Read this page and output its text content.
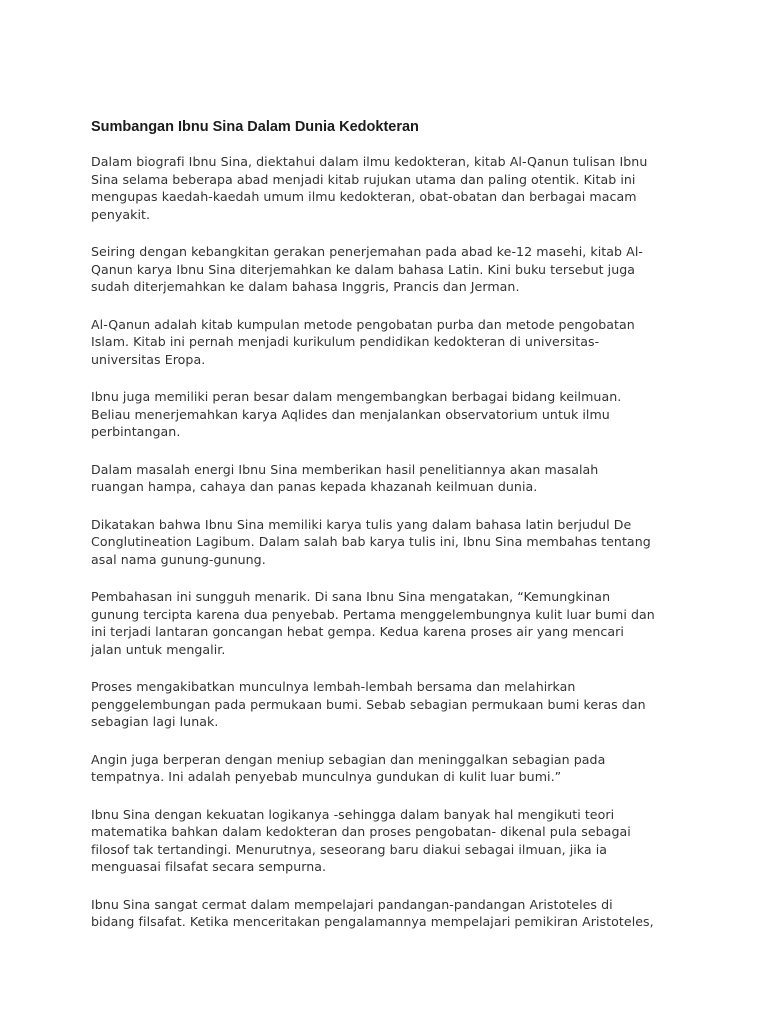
Sumbangan Ibnu Sina Dalam Dunia Kedokteran

Dalam biografi Ibnu Sina, diektahui dalam ilmu kedokteran, kitab Al-Qanun tulisan Ibnu
Sina selama beberapa abad menjadi kitab rujukan utama dan paling otentik. Kitab ini
mengupas kaedah-kaedah umum ilmu kedokteran, obat-obatan dan berbagai macam
penyakit.

Seiring dengan kebangkitan gerakan penerjemahan pada abad ke-12 masehi, kitab Al-
Qanun karya Ibnu Sina diterjemahkan ke dalam bahasa Latin. Kini buku tersebut juga
sudah diterjemahkan ke dalam bahasa Inggris, Prancis dan Jerman.

Al-Qanun adalah kitab kumpulan metode pengobatan purba dan metode pengobatan
Islam. Kitab ini pernah menjadi kurikulum pendidikan kedokteran di universitas-
universitas Eropa.

Ibnu juga memiliki peran besar dalam mengembangkan berbagai bidang keilmuan.
Beliau menerjemahkan karya Aqlides dan menjalankan observatorium untuk ilmu
perbintangan.

Dalam masalah energi Ibnu Sina memberikan hasil penelitiannya akan masalah
ruangan hampa, cahaya dan panas kepada khazanah keilmuan dunia.

Dikatakan bahwa Ibnu Sina memiliki karya tulis yang dalam bahasa latin berjudul De
Conglutineation Lagibum. Dalam salah bab karya tulis ini, Ibnu Sina membahas tentang
asal nama gunung-gunung.

Pembahasan ini sungguh menarik. Di sana Ibnu Sina mengatakan, “Kemungkinan
gunung tercipta karena dua penyebab. Pertama menggelembungnya kulit luar bumi dan
ini terjadi lantaran goncangan hebat gempa. Kedua karena proses air yang mencari
jalan untuk mengalir.

Proses mengakibatkan munculnya lembah-lembah bersama dan melahirkan
penggelembungan pada permukaan bumi. Sebab sebagian permukaan bumi keras dan
sebagian lagi lunak.

Angin juga berperan dengan meniup sebagian dan meninggalkan sebagian pada
tempatnya. Ini adalah penyebab munculnya gundukan di kulit luar bumi.”

Ibnu Sina dengan kekuatan logikanya -sehingga dalam banyak hal mengikuti teori
matematika bahkan dalam kedokteran dan proses pengobatan- dikenal pula sebagai
filosof tak tertandingi. Menurutnya, seseorang baru diakui sebagai ilmuan, jika ia
menguasai filsafat secara sempurna.

Ibnu Sina sangat cermat dalam mempelajari pandangan-pandangan Aristoteles di
bidang filsafat. Ketika menceritakan pengalamannya mempelajari pemikiran Aristoteles,
